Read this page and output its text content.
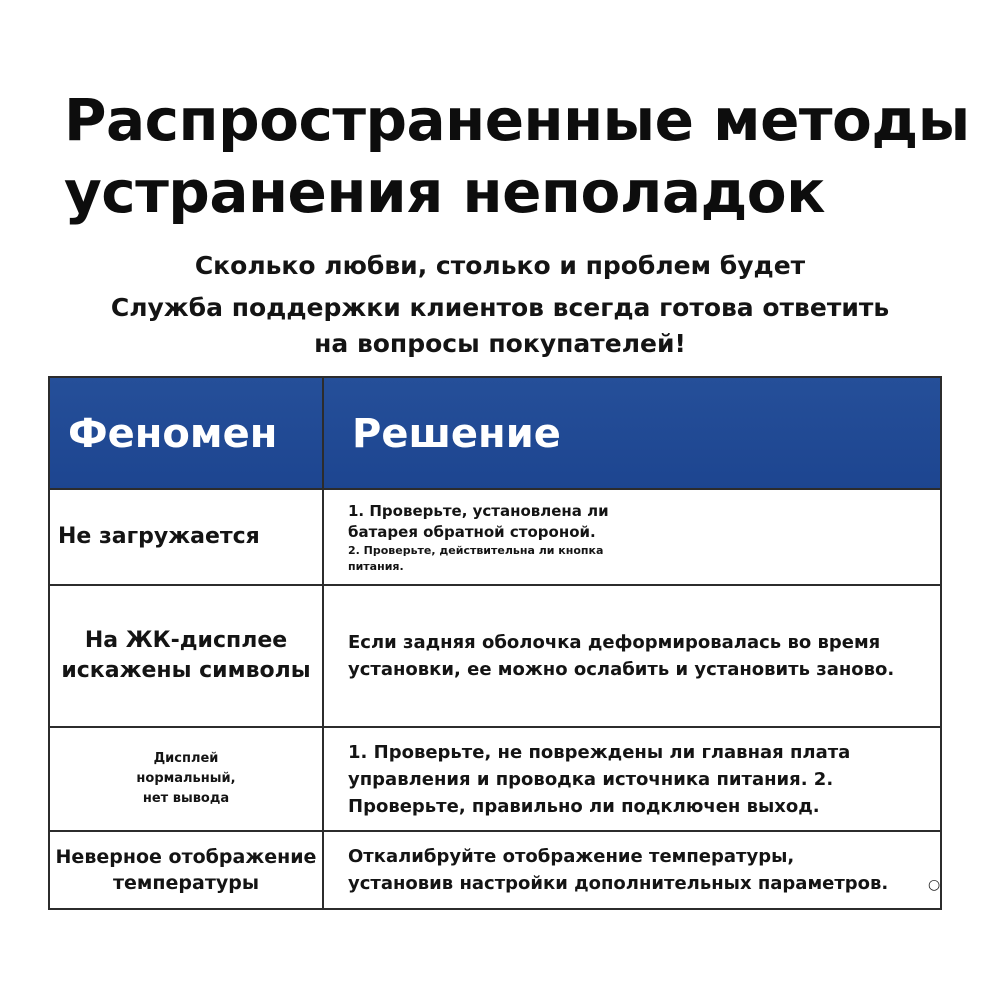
Распространенные методы
устранения неполадок
Сколько любви, столько и проблем будет
Служба поддержки клиентов всегда готова ответить
на вопросы покупателей!
Феномен Решение
Не загружается
1. Проверьте, установлена ли
батарея обратной стороной.
2. Проверьте, действительна ли кнопка
питания.
На ЖК-дисплее
искажены символы
Если задняя оболочка деформировалась во время
установки, ее можно ослабить и установить заново.
Дисплей
нормальный,
нет вывода
1. Проверьте, не повреждены ли главная плата
управления и проводка источника питания. 2.
Проверьте, правильно ли подключен выход.
Неверное отображение
температуры
Откалибруйте отображение температуры,
установив настройки дополнительных параметров.	○
